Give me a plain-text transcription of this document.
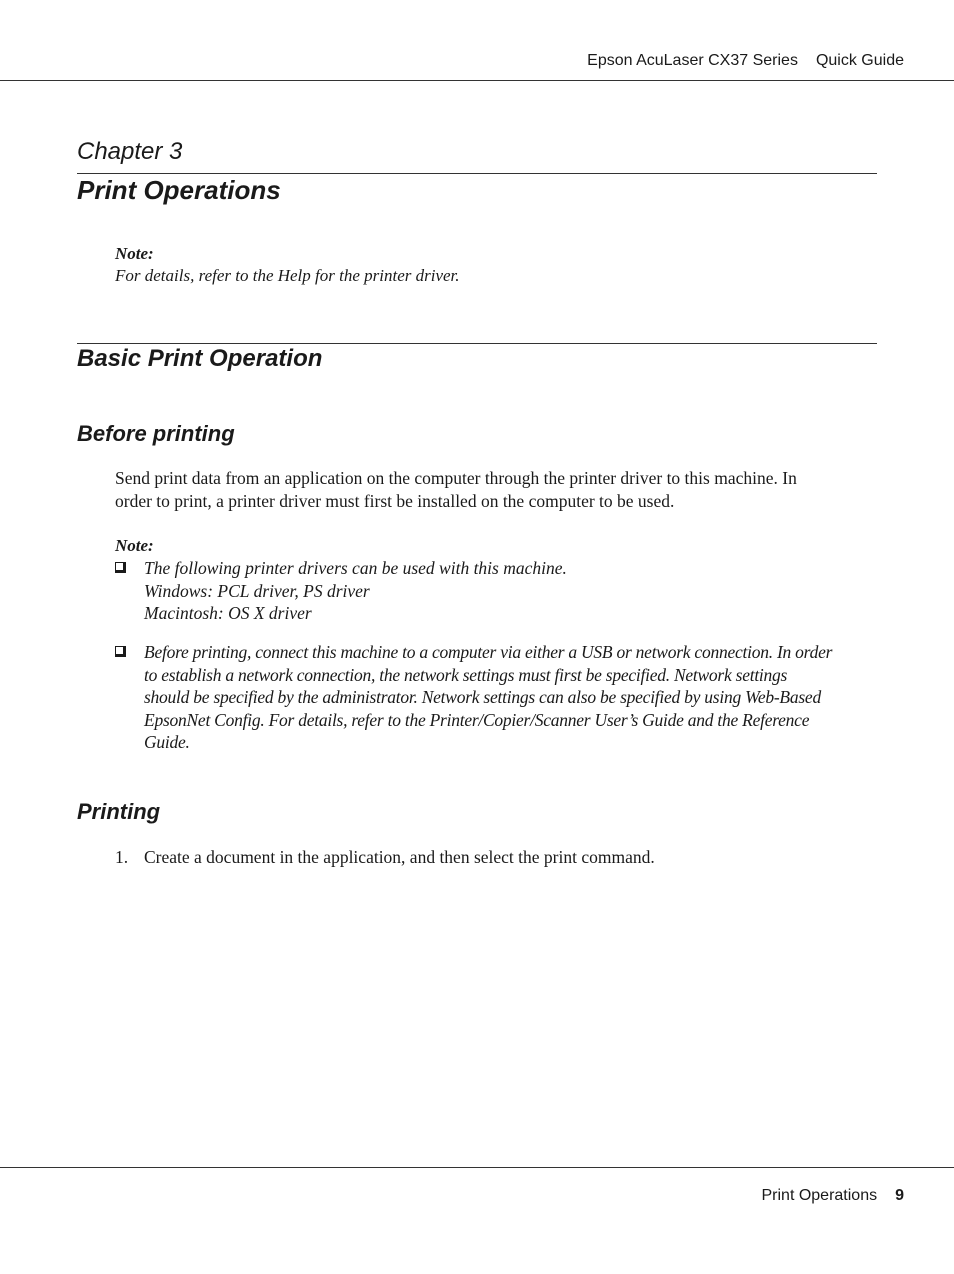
Epson AcuLaser CX37 Series Quick Guide
Chapter 3
Print Operations
Note:
For details, refer to the Help for the printer driver.
Basic Print Operation
Before printing
Send print data from an application on the computer through the printer driver to this machine. In
order to print, a printer driver must first be installed on the computer to be used.
Note:
The following printer drivers can be used with this machine.
Windows: PCL driver, PS driver
Macintosh: OS X driver
Before printing, connect this machine to a computer via either a USB or network connection. In order
to establish a network connection, the network settings must first be specified. Network settings
should be specified by the administrator. Network settings can also be specified by using Web-Based
EpsonNet Config. For details, refer to the Printer/Copier/Scanner User’s Guide and the Reference
Guide.
Printing
1. Create a document in the application, and then select the print command.
Print Operations 9
